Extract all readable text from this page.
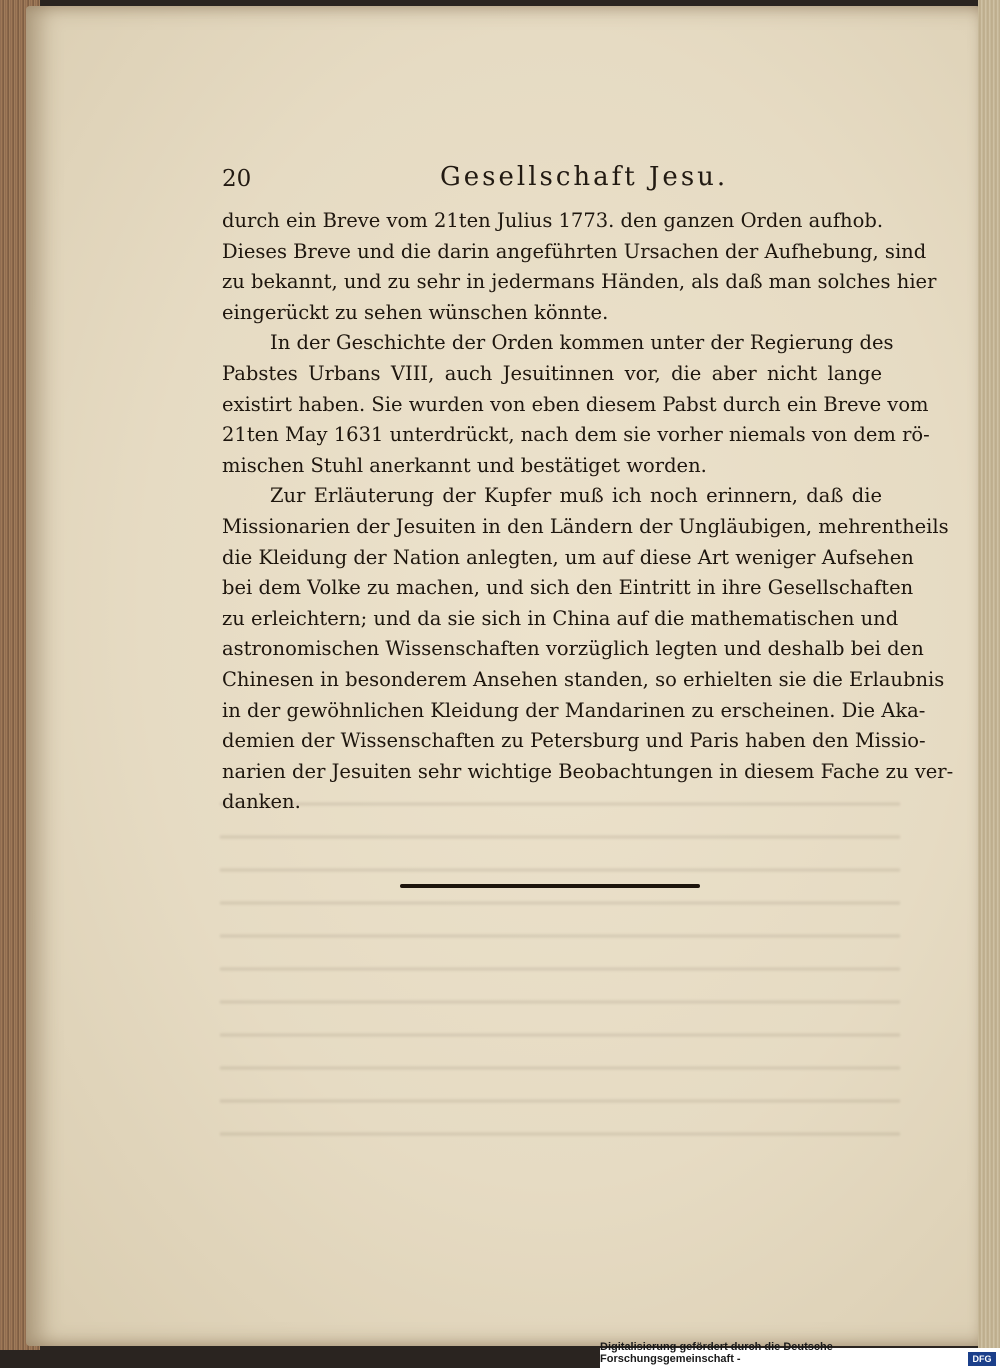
20	Gesellschaft Jesu.
durch ein Breve vom 21ten Julius 1773. den ganzen Orden aufhob.
Dieses Breve und die darin angeführten Ursachen der Aufhebung, sind
zu bekannt, und zu sehr in jedermans Händen, als daß man solches hier
eingerückt zu sehen wünschen könnte.
In der Geschichte der Orden kommen unter der Regierung des
Pabstes Urbans VIII, auch Jesuitinnen vor, die aber nicht lange
existirt haben. Sie wurden von eben diesem Pabst durch ein Breve vom
21ten May 1631 unterdrückt, nach dem sie vorher niemals von dem rö-
mischen Stuhl anerkannt und bestätiget worden.
Zur Erläuterung der Kupfer muß ich noch erinnern, daß die
Missionarien der Jesuiten in den Ländern der Ungläubigen, mehrentheils
die Kleidung der Nation anlegten, um auf diese Art weniger Aufsehen
bei dem Volke zu machen, und sich den Eintritt in ihre Gesellschaften
zu erleichtern; und da sie sich in China auf die mathematischen und
astronomischen Wissenschaften vorzüglich legten und deshalb bei den
Chinesen in besonderem Ansehen standen, so erhielten sie die Erlaubnis
in der gewöhnlichen Kleidung der Mandarinen zu erscheinen. Die Aka-
demien der Wissenschaften zu Petersburg und Paris haben den Missio-
narien der Jesuiten sehr wichtige Beobachtungen in diesem Fache zu ver-
danken.
Digitalisierung gefördert durch die Deutsche Forschungsgemeinschaft -	DFG
